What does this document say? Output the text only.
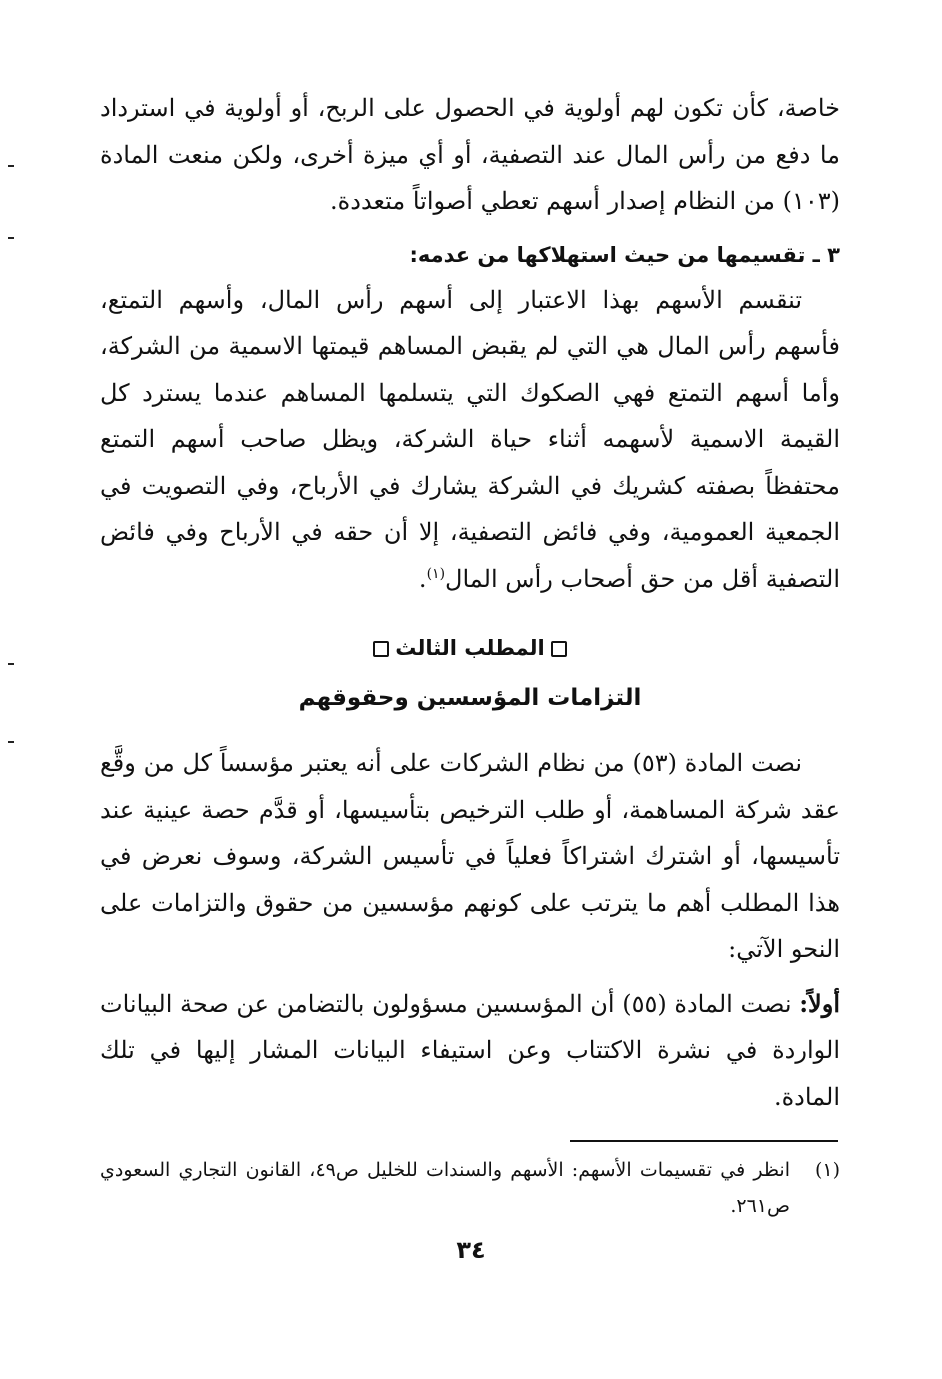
خاصة، كأن تكون لهم أولوية في الحصول على الربح، أو أولوية في استرداد ما دفع من رأس المال عند التصفية، أو أي ميزة أخرى، ولكن منعت المادة (١٠٣) من النظام إصدار أسهم تعطي أصواتاً متعددة.

٣ ـ تقسيمها من حيث استهلاكها من عدمه:

تنقسم الأسهم بهذا الاعتبار إلى أسهم رأس المال، وأسهم التمتع، فأسهم رأس المال هي التي لم يقبض المساهم قيمتها الاسمية من الشركة، وأما أسهم التمتع فهي الصكوك التي يتسلمها المساهم عندما يسترد كل القيمة الاسمية لأسهمه أثناء حياة الشركة، ويظل صاحب أسهم التمتع محتفظاً بصفته كشريك في الشركة يشارك في الأرباح، وفي التصويت في الجمعية العمومية، وفي فائض التصفية، إلا أن حقه في الأرباح وفي فائض التصفية أقل من حق أصحاب رأس المال$^{(١)}$.

المطلب الثالث
التزامات المؤسسين وحقوقهم

نصت المادة (٥٣) من نظام الشركات على أنه يعتبر مؤسساً كل من وقَّع عقد شركة المساهمة، أو طلب الترخيص بتأسيسها، أو قدَّم حصة عينية عند تأسيسها، أو اشترك اشتراكاً فعلياً في تأسيس الشركة، وسوف نعرض في هذا المطلب أهم ما يترتب على كونهم مؤسسين من حقوق والتزامات على النحو الآتي:

أولاً: نصت المادة (٥٥) أن المؤسسين مسؤولون بالتضامن عن صحة البيانات الواردة في نشرة الاكتتاب وعن استيفاء البيانات المشار إليها في تلك المادة.

(١)
انظر في تقسيمات الأسهم: الأسهم والسندات للخليل ص٤٩، القانون التجاري السعودي ص٢٦١.
٣٤
